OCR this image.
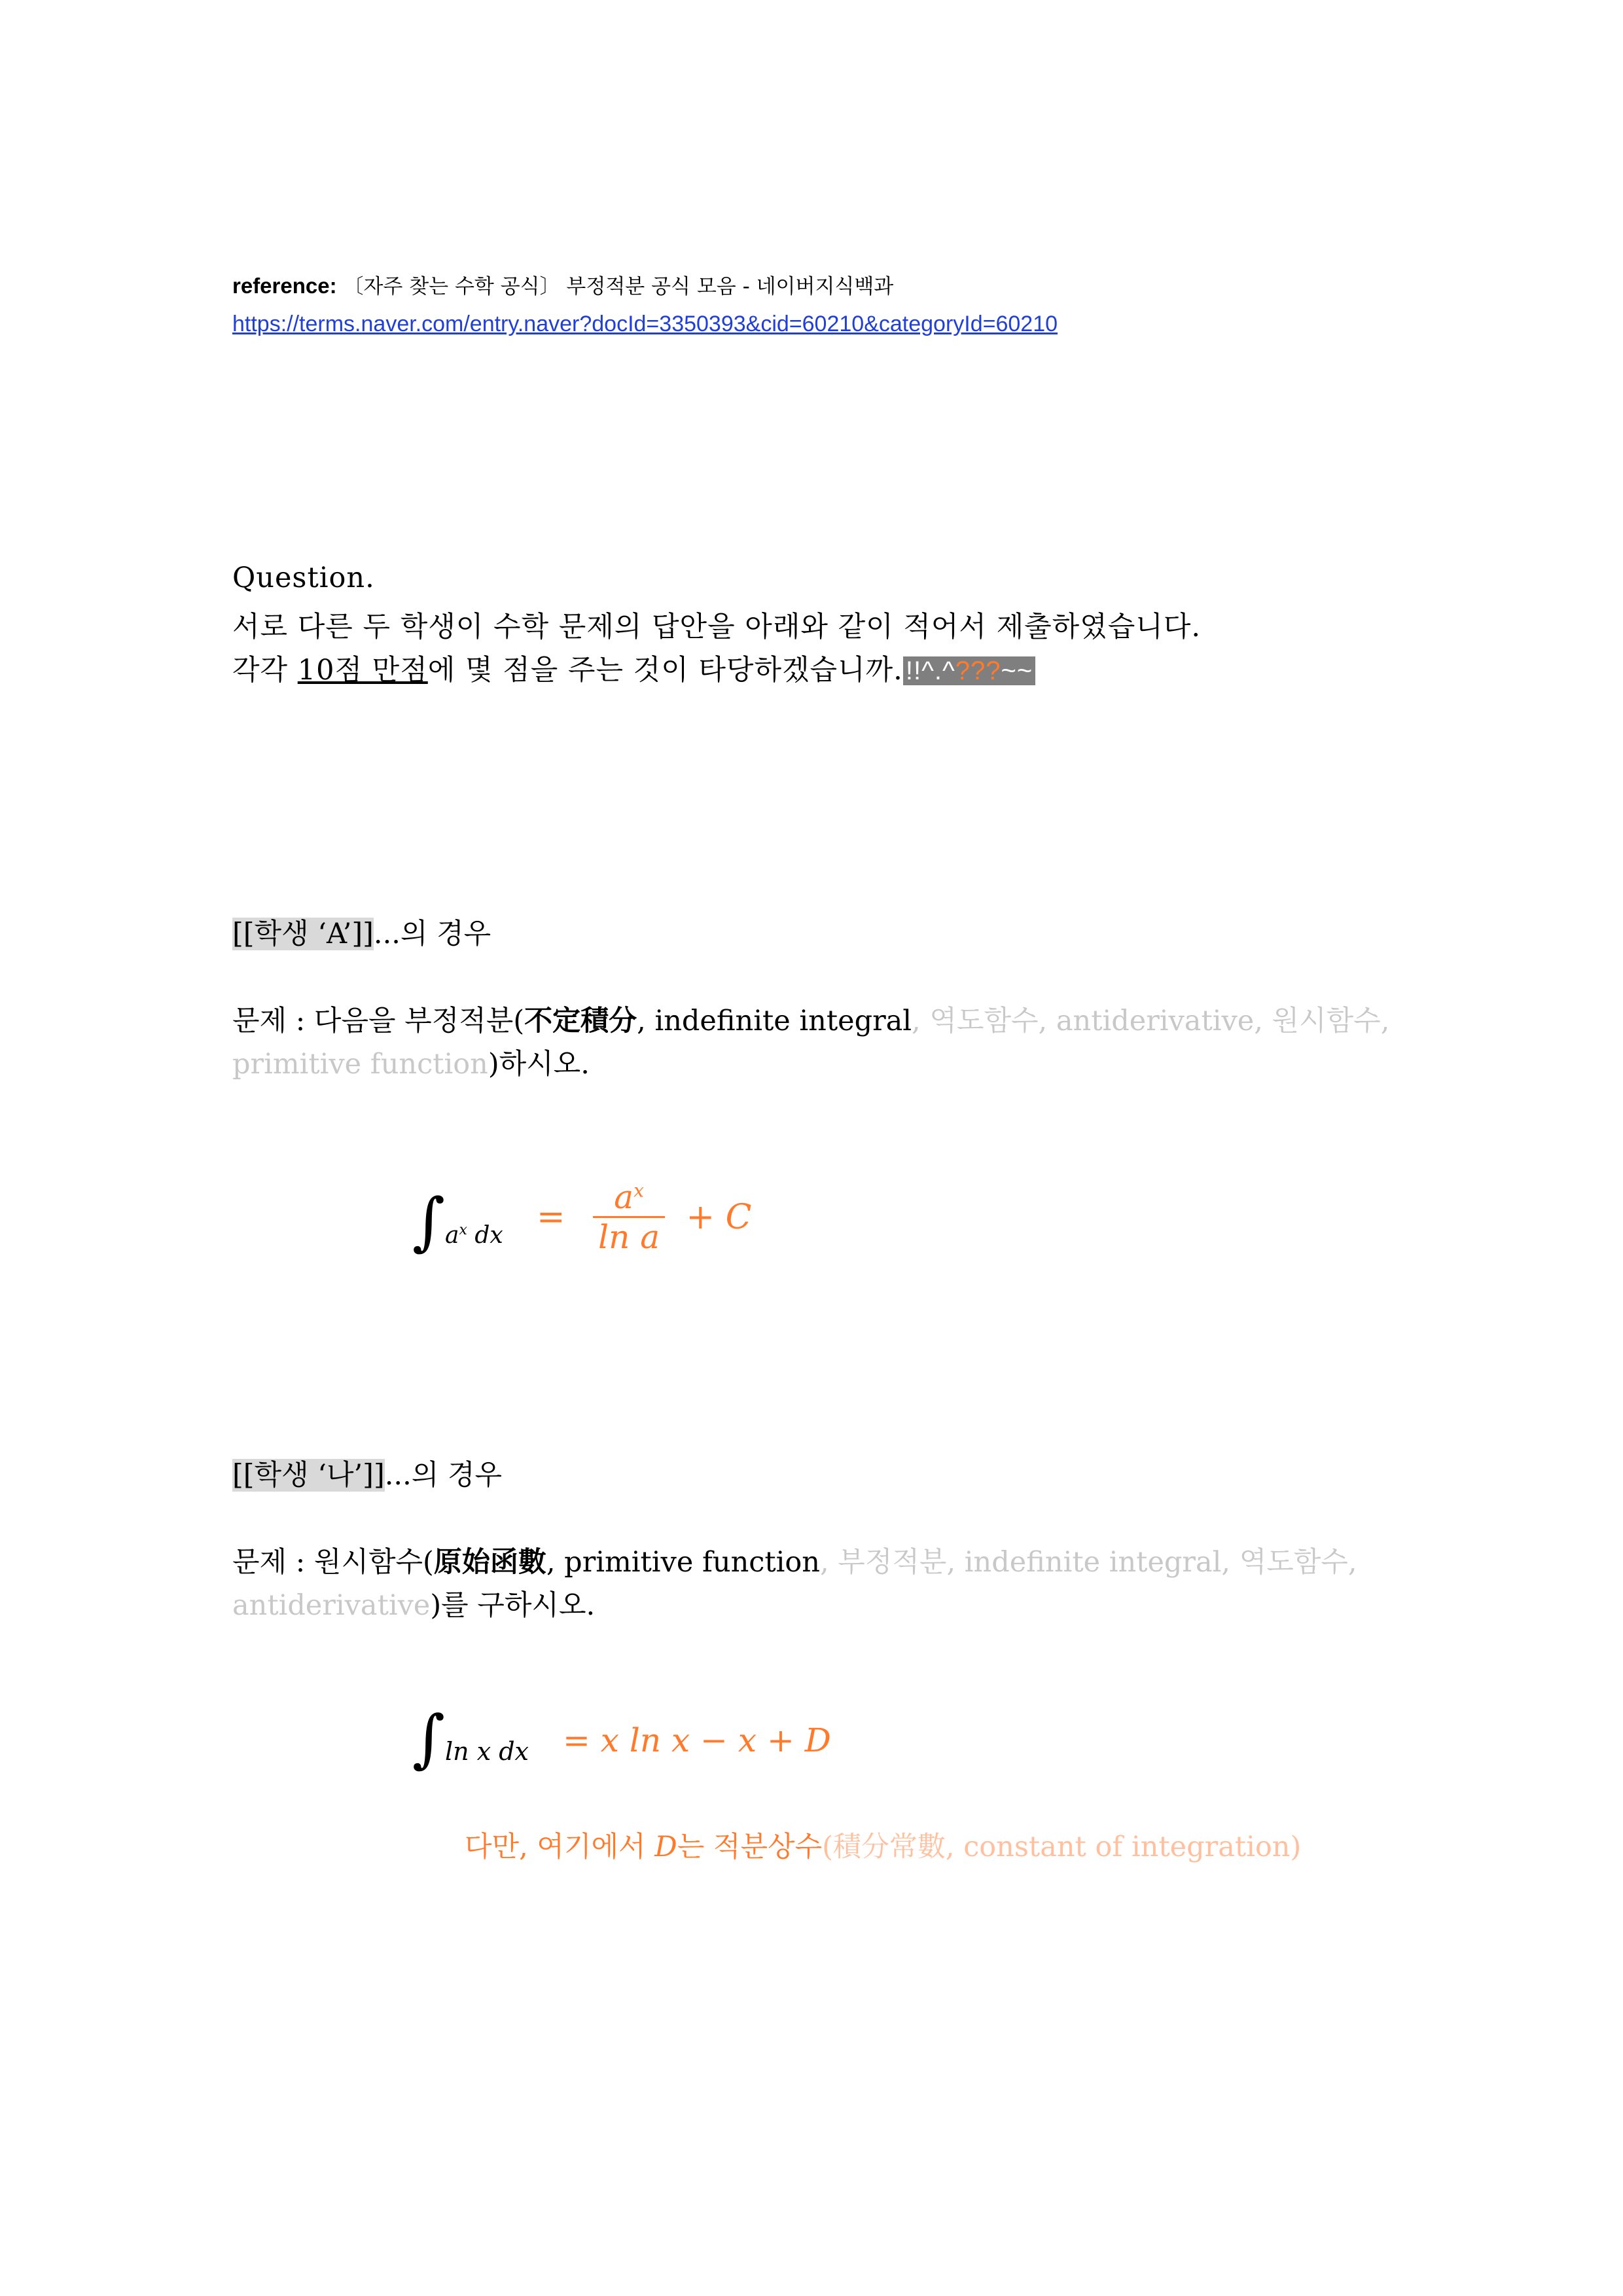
reference: 〔자주 찾는 수학 공식〕 부정적분 공식 모음 - 네이버지식백과
https://terms.naver.com/entry.naver?docId=3350393&cid=60210&categoryId=60210
Question.
서로 다른 두 학생이 수학 문제의 답안을 아래와 같이 적어서 제출하였습니다.
각각 10점 만점에 몇 점을 주는 것이 타당하겠습니까. !!^.^???~~
[[학생 ‘A’]]...의 경우
문제 : 다음을 부정적분(不定積分, indefinite integral, 역도함수, antiderivative, 원시함수,
primitive function)하시오.
$\int a^x$ dx = $\frac{a^x}{\text{ln a}} + C$
[[학생 ‘나’]]...의 경우
문제 : 원시함수(原始函數, primitive function, 부정적분, indefinite integral, 역도함수,
antiderivative)를 구하시오.
∫ln x dx = x ln x − x + D
다만, 여기에서 D는 적분상수(積分常數, constant of integration)
